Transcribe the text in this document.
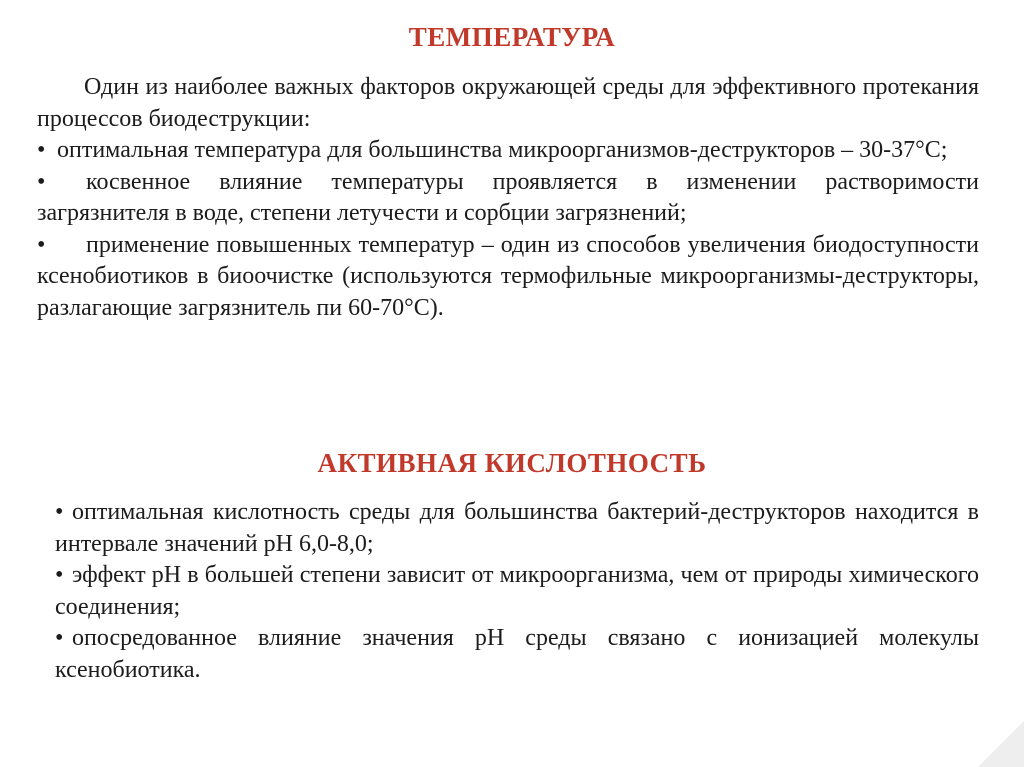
ТЕМПЕРАТУРА

Один из наиболее важных факторов окружающей среды для эффективного протекания процессов биодеструкции:

• оптимальная температура для большинства микроорганизмов-деструкторов – 30-37°C;

• косвенное влияние температуры проявляется в изменении растворимости загрязнителя в воде, степени летучести и сорбции загрязнений;

• применение повышенных температур – один из способов увеличения биодоступности ксенобиотиков в биоочистке (используются термофильные микроорганизмы-деструкторы, разлагающие загрязнитель пи 60-70°C).

АКТИВНАЯ КИСЛОТНОСТЬ

• оптимальная кислотность среды для большинства бактерий-деструкторов находится в интервале значений pH 6,0-8,0;

• эффект pH в большей степени зависит от микроорганизма, чем от природы химического соединения;

• опосредованное влияние значения pH среды связано с ионизацией молекулы ксенобиотика.
